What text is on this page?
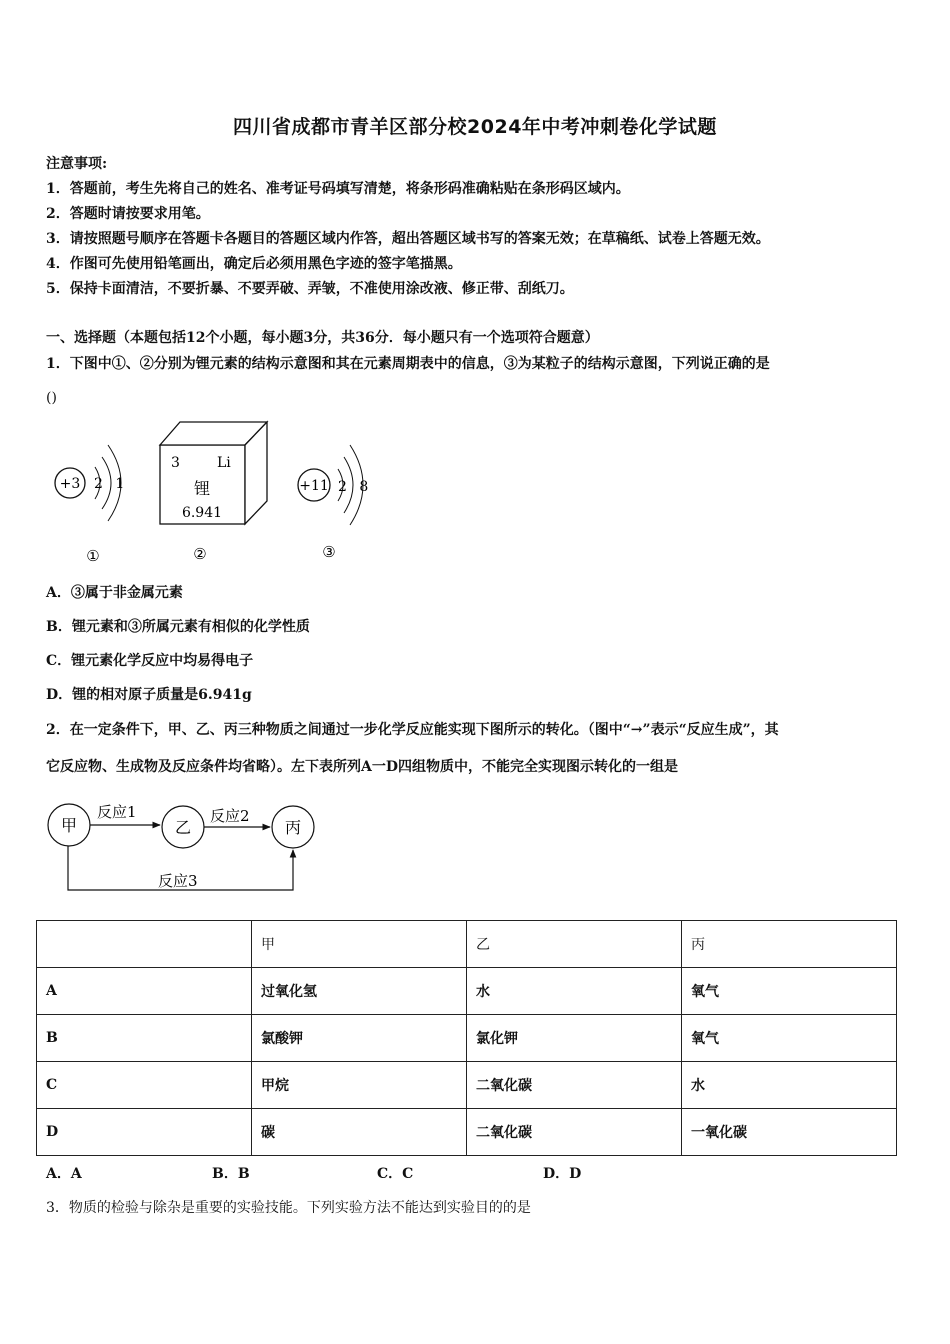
四川省成都市青羊区部分校2024年中考冲刺卷化学试题
注意事项:
1．答题前，考生先将自己的姓名、准考证号码填写清楚，将条形码准确粘贴在条形码区域内。
2．答题时请按要求用笔。
3．请按照题号顺序在答题卡各题目的答题区域内作答，超出答题区域书写的答案无效；在草稿纸、试卷上答题无效。
4．作图可先使用铅笔画出，确定后必须用黑色字迹的签字笔描黑。
5．保持卡面清洁，不要折暴、不要弄破、弄皱，不准使用涂改液、修正带、刮纸刀。
一、选择题（本题包括12个小题，每小题3分，共36分．每小题只有一个选项符合题意）
1．下图中①、②分别为锂元素的结构示意图和其在元素周期表中的信息，③为某粒子的结构示意图，下列说正确的是
()
+3 2 1
①
3	Li
锂
6.941
②
+11 2 8
③
A．③属于非金属元素
B．锂元素和③所属元素有相似的化学性质
C．锂元素化学反应中均易得电子
D．锂的相对原子质量是6.941g
2．在一定条件下，甲、乙、丙三种物质之间通过一步化学反应能实现下图所示的转化。（图中“→”表示“反应生成”，其
它反应物、生成物及反应条件均省略）。左下表所列A一D四组物质中，不能完全实现图示转化的一组是
甲	乙	丙
反应1	反应2
反应3
	甲	乙	丙
A	过氧化氢	水	氧气
B	氯酸钾	氯化钾	氧气
C	甲烷	二氧化碳	水
D	碳	二氧化碳	一氧化碳
A．A	B．B	C．C	D．D
3．物质的检验与除杂是重要的实验技能。下列实验方法不能达到实验目的的是
